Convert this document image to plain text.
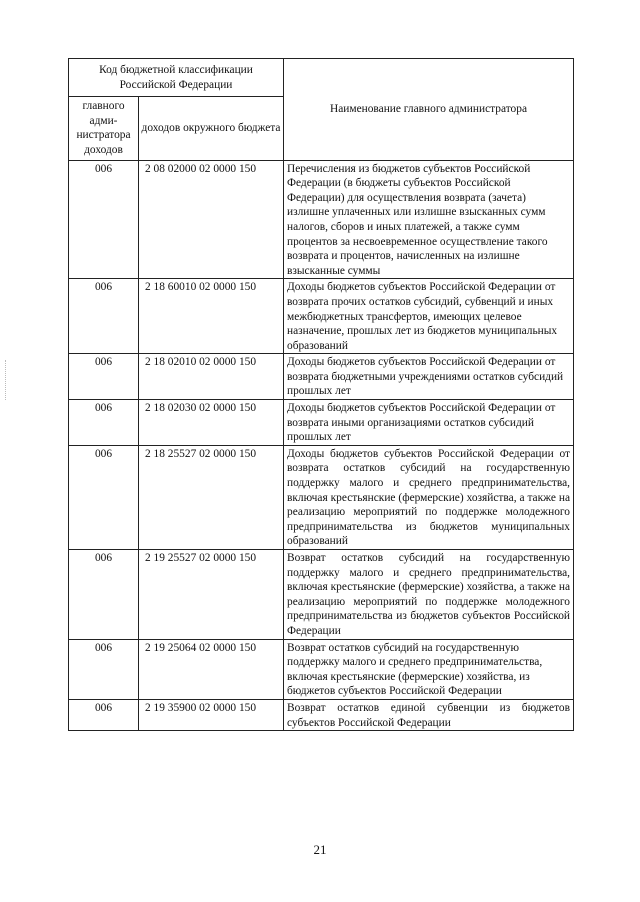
Код бюджетной классификации Российской Федерации		Наименование главного администратора
главного адми-нистратора доходов	доходов окружного бюджета	
006	2 08 02000 02 0000 150	Перечисления из бюджетов субъектов Российской Федерации (в бюджеты субъектов Российской Федерации) для осуществления возврата (зачета) излишне уплаченных или излишне взысканных сумм налогов, сборов и иных платежей, а также сумм процентов за несвоевременное осуществление такого возврата и процентов, начисленных на излишне взысканные суммы
006	2 18 60010 02 0000 150	Доходы бюджетов субъектов Российской Федерации от возврата прочих остатков субсидий, субвенций и иных межбюджетных трансфертов, имеющих целевое назначение, прошлых лет из бюджетов муниципальных образований
006	2 18 02010 02 0000 150	Доходы бюджетов субъектов Российской Федерации от возврата бюджетными учреждениями остатков субсидий прошлых лет
006	2 18 02030 02 0000 150	Доходы бюджетов субъектов Российской Федерации от возврата иными организациями остатков субсидий прошлых лет
006	2 18 25527 02 0000 150	Доходы бюджетов субъектов Российской Федерации от возврата остатков субсидий на государственную поддержку малого и среднего предпринимательства, включая крестьянские (фермерские) хозяйства, а также на реализацию мероприятий по поддержке молодежного предпринимательства из бюджетов муниципальных образований
006	2 19 25527 02 0000 150	Возврат остатков субсидий на государственную поддержку малого и среднего предпринимательства, включая крестьянские (фермерские) хозяйства, а также на реализацию мероприятий по поддержке молодежного предпринимательства из бюджетов субъектов Российской Федерации
006	2 19 25064 02 0000 150	Возврат остатков субсидий на государственную поддержку малого и среднего предпринимательства, включая крестьянские (фермерские) хозяйства, из бюджетов субъектов Российской Федерации
006	2 19 35900 02 0000 150	Возврат остатков единой субвенции из бюджетов субъектов Российской Федерации
21
